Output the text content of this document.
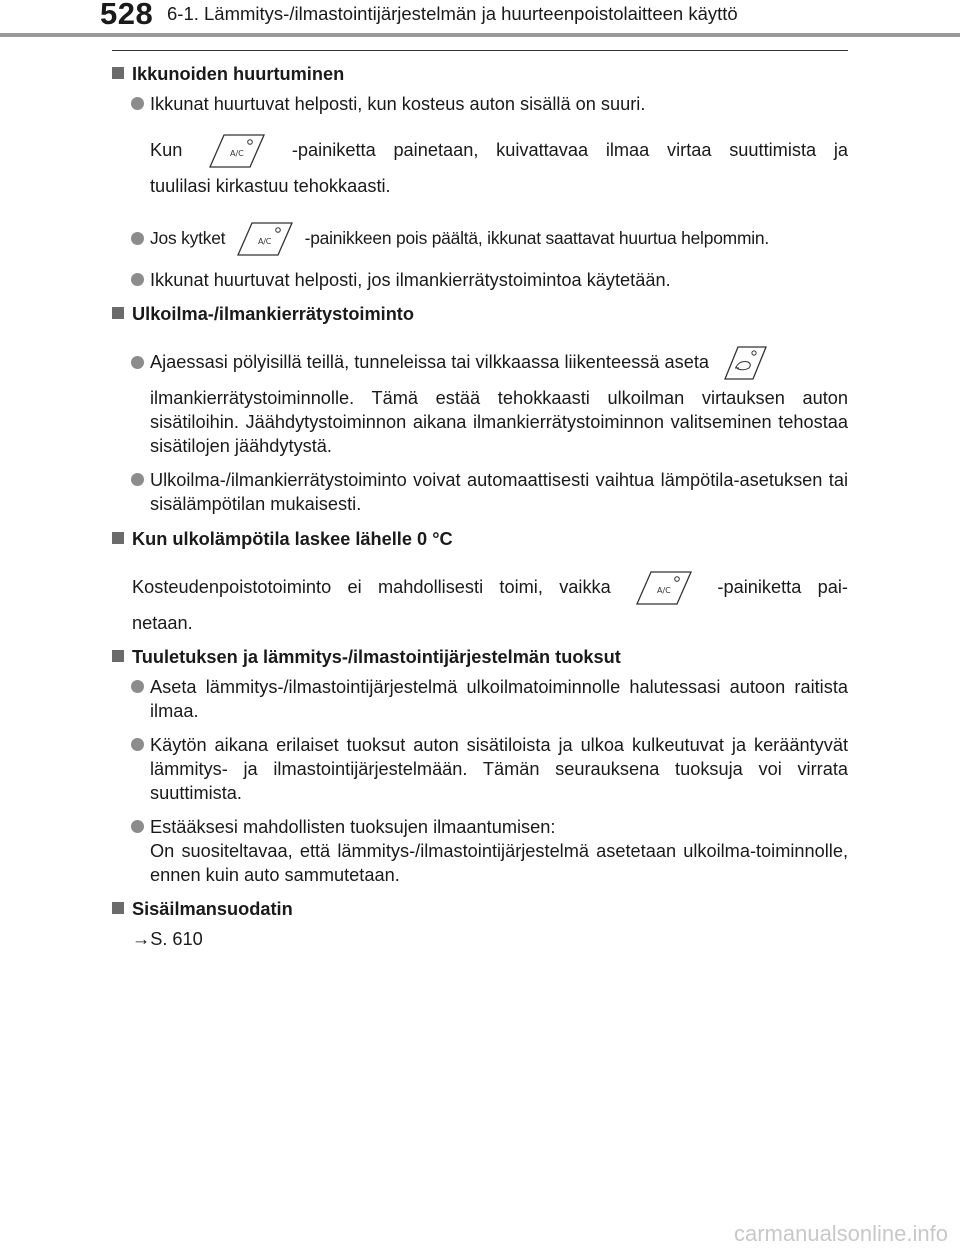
528 6-1. Lämmitys-/ilmastointijärjestelmän ja huurteenpoistolaitteen käyttö
Ikkunoiden huurtuminen
Ikkunat huurtuvat helposti, kun kosteus auton sisällä on suuri.
Kun	A/C	-painiketta painetaan, kuivattavaa ilmaa virtaa suuttimista ja
tuulilasi kirkastuu tehokkaasti.
Jos kytket	A/C -painikkeen pois päältä, ikkunat saattavat huurtua helpommin.
Ikkunat huurtuvat helposti, jos ilmankierrätystoimintoa käytetään.
Ulkoilma-/ilmankierrätystoiminto
Ajaessasi pölyisillä teillä, tunneleissa tai vilkkaassa liikenteessä aseta
ilmankierrätystoiminnolle. Tämä estää tehokkaasti ulkoilman virtauksen auton sisätiloihin. Jäähdytystoiminnon aikana ilmankierrätystoiminnon valitseminen tehostaa sisätilojen jäähdytystä.
Ulkoilma-/ilmankierrätystoiminto voivat automaattisesti vaihtua lämpötila-asetuksen tai sisälämpötilan mukaisesti.
Kun ulkolämpötila laskee lähelle 0 °C
Kosteudenpoistotoiminto ei mahdollisesti toimi, vaikka	A/C	-painiketta pai-
netaan.
Tuuletuksen ja lämmitys-/ilmastointijärjestelmän tuoksut
Aseta lämmitys-/ilmastointijärjestelmä ulkoilmatoiminnolle halutessasi autoon raitista ilmaa.
Käytön aikana erilaiset tuoksut auton sisätiloista ja ulkoa kulkeutuvat ja kerääntyvät lämmitys- ja ilmastointijärjestelmään. Tämän seurauksena tuoksuja voi virrata suuttimista.
Estääksesi mahdollisten tuoksujen ilmaantumisen:
On suositeltavaa, että lämmitys-/ilmastointijärjestelmä asetetaan ulkoilma-toiminnolle, ennen kuin auto sammutetaan.
Sisäilmansuodatin
→S. 610
carmanualsonline.info
